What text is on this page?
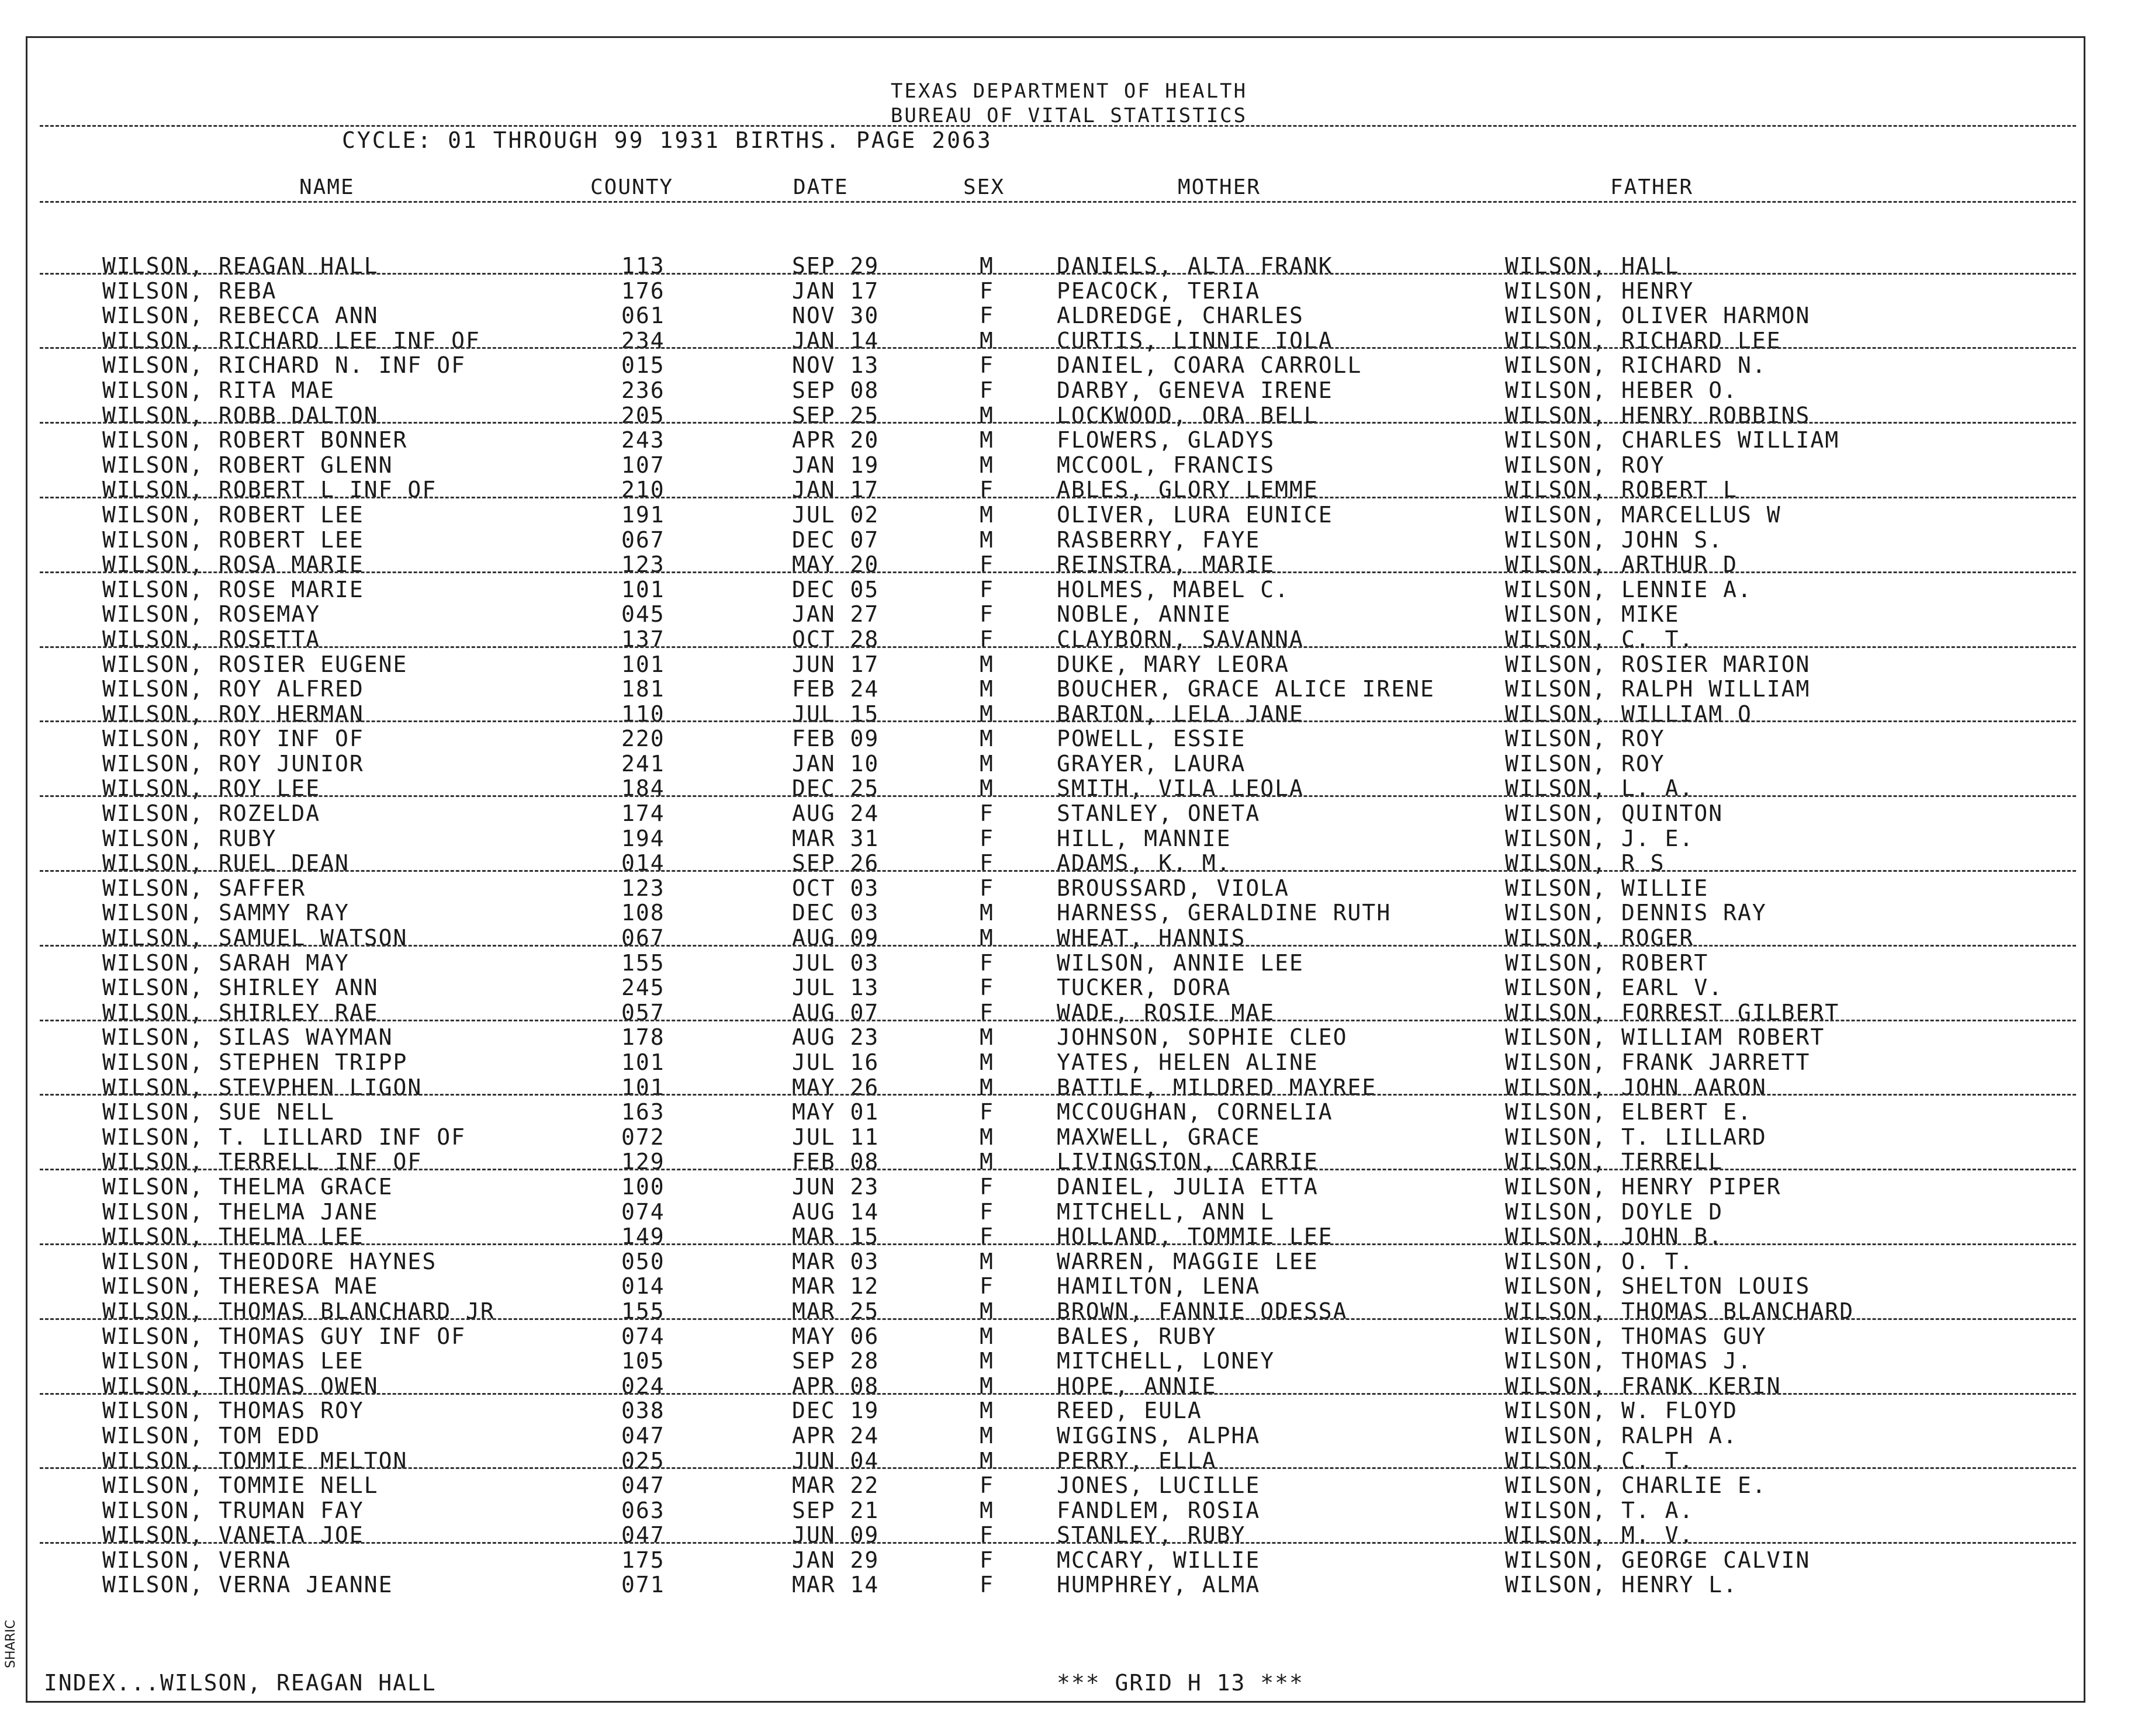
TEXAS DEPARTMENT OF HEALTH
BUREAU OF VITAL STATISTICS
CYCLE: 01 THROUGH 99 1931 BIRTHS. PAGE 2063
NAME	COUNTY	DATE	SEX	MOTHER	FATHER
WILSON, REAGAN HALL	113	SEP 29	M	DANIELS, ALTA FRANK	WILSON, HALL
WILSON, REBA	176	JAN 17	F	PEACOCK, TERIA	WILSON, HENRY
WILSON, REBECCA ANN	061	NOV 30	F	ALDREDGE, CHARLES	WILSON, OLIVER HARMON
WILSON, RICHARD LEE INF OF	234	JAN 14	M	CURTIS, LINNIE IOLA	WILSON, RICHARD LEE
WILSON, RICHARD N. INF OF	015	NOV 13	F	DANIEL, COARA CARROLL	WILSON, RICHARD N.
WILSON, RITA MAE	236	SEP 08	F	DARBY, GENEVA IRENE	WILSON, HEBER O.
WILSON, ROBB DALTON	205	SEP 25	M	LOCKWOOD, ORA BELL	WILSON, HENRY ROBBINS
WILSON, ROBERT BONNER	243	APR 20	M	FLOWERS, GLADYS	WILSON, CHARLES WILLIAM
WILSON, ROBERT GLENN	107	JAN 19	M	MCCOOL, FRANCIS	WILSON, ROY
WILSON, ROBERT L INF OF	210	JAN 17	F	ABLES, GLORY LEMME	WILSON, ROBERT L
WILSON, ROBERT LEE	191	JUL 02	M	OLIVER, LURA EUNICE	WILSON, MARCELLUS W
WILSON, ROBERT LEE	067	DEC 07	M	RASBERRY, FAYE	WILSON, JOHN S.
WILSON, ROSA MARIE	123	MAY 20	F	REINSTRA, MARIE	WILSON, ARTHUR D
WILSON, ROSE MARIE	101	DEC 05	F	HOLMES, MABEL C.	WILSON, LENNIE A.
WILSON, ROSEMAY	045	JAN 27	F	NOBLE, ANNIE	WILSON, MIKE
WILSON, ROSETTA	137	OCT 28	F	CLAYBORN, SAVANNA	WILSON, C. T.
WILSON, ROSIER EUGENE	101	JUN 17	M	DUKE, MARY LEORA	WILSON, ROSIER MARION
WILSON, ROY ALFRED	181	FEB 24	M	BOUCHER, GRACE ALICE IRENE	WILSON, RALPH WILLIAM
WILSON, ROY HERMAN	110	JUL 15	M	BARTON, LELA JANE	WILSON, WILLIAM O
WILSON, ROY INF OF	220	FEB 09	M	POWELL, ESSIE	WILSON, ROY
WILSON, ROY JUNIOR	241	JAN 10	M	GRAYER, LAURA	WILSON, ROY
WILSON, ROY LEE	184	DEC 25	M	SMITH, VILA LEOLA	WILSON, L. A.
WILSON, ROZELDA	174	AUG 24	F	STANLEY, ONETA	WILSON, QUINTON
WILSON, RUBY	194	MAR 31	F	HILL, MANNIE	WILSON, J. E.
WILSON, RUEL DEAN	014	SEP 26	F	ADAMS, K. M.	WILSON, R S
WILSON, SAFFER	123	OCT 03	F	BROUSSARD, VIOLA	WILSON, WILLIE
WILSON, SAMMY RAY	108	DEC 03	M	HARNESS, GERALDINE RUTH	WILSON, DENNIS RAY
WILSON, SAMUEL WATSON	067	AUG 09	M	WHEAT, HANNIS	WILSON, ROGER
WILSON, SARAH MAY	155	JUL 03	F	WILSON, ANNIE LEE	WILSON, ROBERT
WILSON, SHIRLEY ANN	245	JUL 13	F	TUCKER, DORA	WILSON, EARL V.
WILSON, SHIRLEY RAE	057	AUG 07	F	WADE, ROSIE MAE	WILSON, FORREST GILBERT
WILSON, SILAS WAYMAN	178	AUG 23	M	JOHNSON, SOPHIE CLEO	WILSON, WILLIAM ROBERT
WILSON, STEPHEN TRIPP	101	JUL 16	M	YATES, HELEN ALINE	WILSON, FRANK JARRETT
WILSON, STEVPHEN LIGON	101	MAY 26	M	BATTLE, MILDRED MAYREE	WILSON, JOHN AARON
WILSON, SUE NELL	163	MAY 01	F	MCCOUGHAN, CORNELIA	WILSON, ELBERT E.
WILSON, T. LILLARD INF OF	072	JUL 11	M	MAXWELL, GRACE	WILSON, T. LILLARD
WILSON, TERRELL INF OF	129	FEB 08	M	LIVINGSTON, CARRIE	WILSON, TERRELL
WILSON, THELMA GRACE	100	JUN 23	F	DANIEL, JULIA ETTA	WILSON, HENRY PIPER
WILSON, THELMA JANE	074	AUG 14	F	MITCHELL, ANN L	WILSON, DOYLE D
WILSON, THELMA LEE	149	MAR 15	F	HOLLAND, TOMMIE LEE	WILSON, JOHN B.
WILSON, THEODORE HAYNES	050	MAR 03	M	WARREN, MAGGIE LEE	WILSON, O. T.
WILSON, THERESA MAE	014	MAR 12	F	HAMILTON, LENA	WILSON, SHELTON LOUIS
WILSON, THOMAS BLANCHARD JR	155	MAR 25	M	BROWN, FANNIE ODESSA	WILSON, THOMAS BLANCHARD
WILSON, THOMAS GUY INF OF	074	MAY 06	M	BALES, RUBY	WILSON, THOMAS GUY
WILSON, THOMAS LEE	105	SEP 28	M	MITCHELL, LONEY	WILSON, THOMAS J.
WILSON, THOMAS OWEN	024	APR 08	M	HOPE, ANNIE	WILSON, FRANK KERIN
WILSON, THOMAS ROY	038	DEC 19	M	REED, EULA	WILSON, W. FLOYD
WILSON, TOM EDD	047	APR 24	M	WIGGINS, ALPHA	WILSON, RALPH A.
WILSON, TOMMIE MELTON	025	JUN 04	M	PERRY, ELLA	WILSON, C. T.
WILSON, TOMMIE NELL	047	MAR 22	F	JONES, LUCILLE	WILSON, CHARLIE E.
WILSON, TRUMAN FAY	063	SEP 21	M	FANDLEM, ROSIA	WILSON, T. A.
WILSON, VANETA JOE	047	JUN 09	F	STANLEY, RUBY	WILSON, M. V.
WILSON, VERNA	175	JAN 29	F	MCCARY, WILLIE	WILSON, GEORGE CALVIN
WILSON, VERNA JEANNE	071	MAR 14	F	HUMPHREY, ALMA	WILSON, HENRY L.
INDEX...WILSON, REAGAN HALL	*** GRID H 13 ***
SHARIC
